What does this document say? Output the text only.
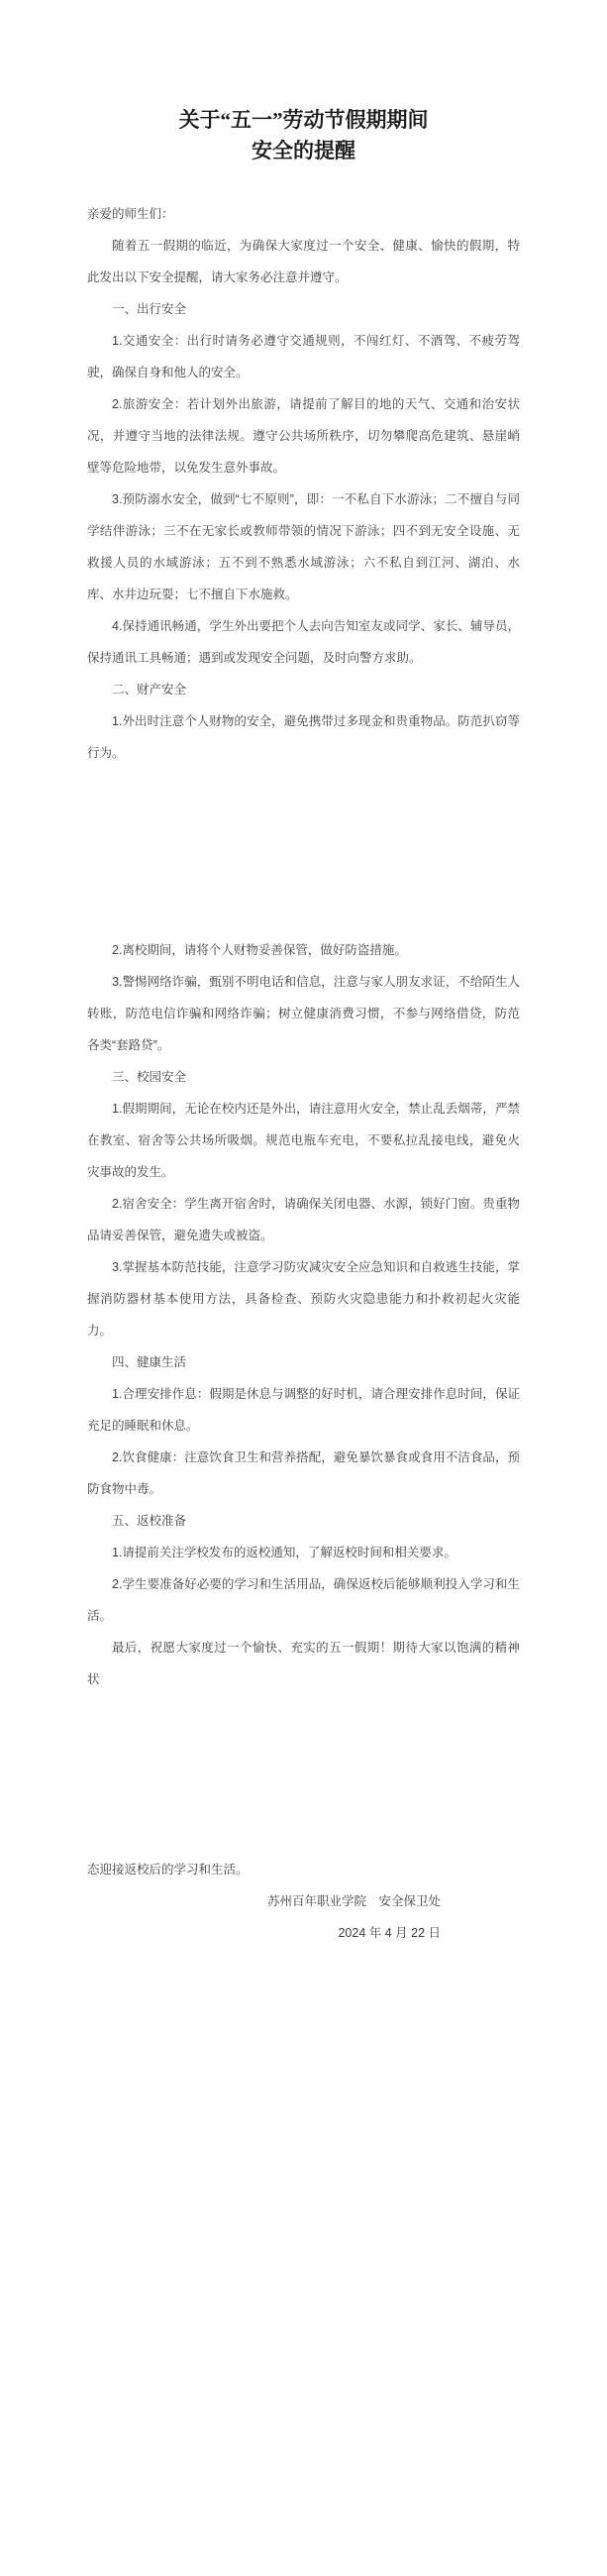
关于“五一”劳动节假期期间
安全的提醒

亲爱的师生们：

随着五一假期的临近，为确保大家度过一个安全、健康、愉快的假期，特此发出以下安全提醒，请大家务必注意并遵守。

一、出行安全

1.交通安全：出行时请务必遵守交通规则，不闯红灯、不酒驾、不疲劳驾驶，确保自身和他人的安全。

2.旅游安全：若计划外出旅游，请提前了解目的地的天气、交通和治安状况，并遵守当地的法律法规。遵守公共场所秩序，切勿攀爬高危建筑、悬崖峭壁等危险地带，以免发生意外事故。

3.预防溺水安全，做到“七不原则”，即：一不私自下水游泳；二不擅自与同学结伴游泳；三不在无家长或教师带领的情况下游泳；四不到无安全设施、无救援人员的水域游泳；五不到不熟悉水域游泳；六不私自到江河、湖泊、水库、水井边玩耍；七不擅自下水施救。

4.保持通讯畅通，学生外出要把个人去向告知室友或同学、家长、辅导员，保持通讯工具畅通；遇到或发现安全问题，及时向警方求助。

二、财产安全

1.外出时注意个人财物的安全，避免携带过多现金和贵重物品。防范扒窃等行为。

2.离校期间，请将个人财物妥善保管，做好防盗措施。

3.警惕网络诈骗，甄别不明电话和信息，注意与家人朋友求证，不给陌生人转账，防范电信诈骗和网络诈骗；树立健康消费习惯，不参与网络借贷，防范各类“套路贷”。

三、校园安全

1.假期期间，无论在校内还是外出，请注意用火安全，禁止乱丢烟蒂，严禁在教室、宿舍等公共场所吸烟。规范电瓶车充电，不要私拉乱接电线，避免火灾事故的发生。

2.宿舍安全：学生离开宿舍时，请确保关闭电器、水源，锁好门窗。贵重物品请妥善保管，避免遗失或被盗。

3.掌握基本防范技能，注意学习防灾减灾安全应急知识和自救逃生技能，掌握消防器材基本使用方法，具备检查、预防火灾隐患能力和扑救初起火灾能力。

四、健康生活

1.合理安排作息：假期是休息与调整的好时机，请合理安排作息时间，保证充足的睡眠和休息。

2.饮食健康：注意饮食卫生和营养搭配，避免暴饮暴食或食用不洁食品，预防食物中毒。

五、返校准备

1.请提前关注学校发布的返校通知，了解返校时间和相关要求。

2.学生要准备好必要的学习和生活用品，确保返校后能够顺利投入学习和生活。

最后，祝愿大家度过一个愉快、充实的五一假期！期待大家以饱满的精神状

态迎接返校后的学习和生活。

苏州百年职业学院　安全保卫处

2024 年 4 月 22 日
